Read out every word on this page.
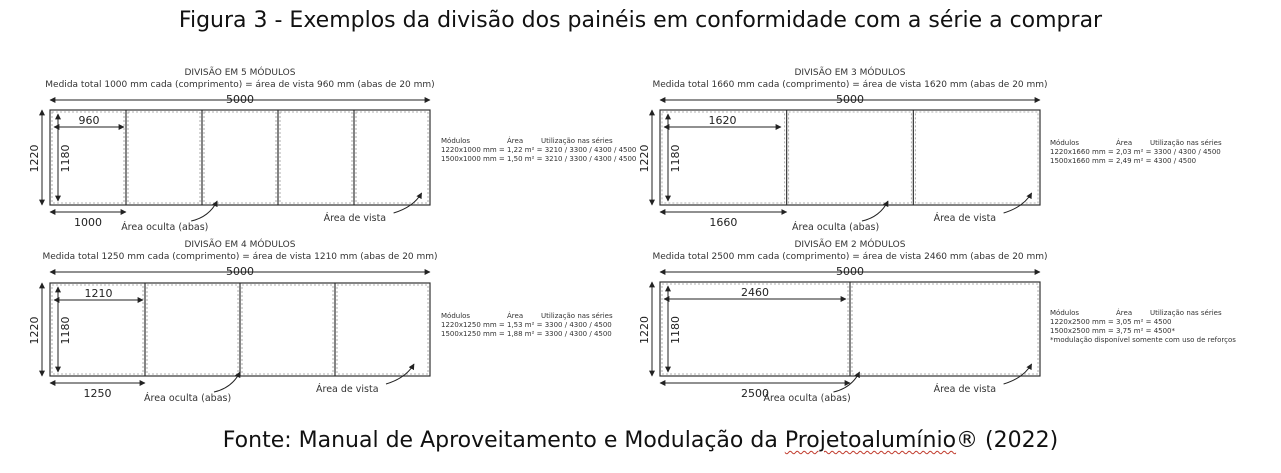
Figura 3 - Exemplos da divisão dos painéis em conformidade com a série a comprar
DIVISÃO EM 5 MÓDULOS
Medida total 1000 mm cada (comprimento) = área de vista 960 mm (abas de 20 mm)
5000
1220 1180
960
1000 Área oculta (abas)
Área de vista
Módulos	Área	Utilização nas séries
1220x1000 mm = 1,22 m² = 3210 / 3300 / 4300 / 4500
1500x1000 mm = 1,50 m² = 3210 / 3300 / 4300 / 4500
DIVISÃO EM 3 MÓDULOS
Medida total 1660 mm cada (comprimento) = área de vista 1620 mm (abas de 20 mm)
5000
1220 1180
1620
1660	Área oculta (abas)
Área de vista
Módulos	Área	Utilização nas séries
1220x1660 mm = 2,03 m² = 3300 / 4300 / 4500
1500x1660 mm = 2,49 m² = 4300 / 4500
DIVISÃO EM 4 MÓDULOS
Medida total 1250 mm cada (comprimento) = área de vista 1210 mm (abas de 20 mm)
5000
1220 1180
1210
1250	Área oculta (abas)
Área de vista
Módulos	Área	Utilização nas séries
1220x1250 mm = 1,53 m² = 3300 / 4300 / 4500
1500x1250 mm = 1,88 m² = 3300 / 4300 / 4500
DIVISÃO EM 2 MÓDULOS
Medida total 2500 mm cada (comprimento) = área de vista 2460 mm (abas de 20 mm)
5000
1220 1180
2460
2500
Área oculta (abas)
Área de vista
Módulos	Área	Utilização nas séries
1220x2500 mm = 3,05 m² = 4500
1500x2500 mm = 3,75 m² = 4500*
*modulação disponível somente com uso de reforços
Fonte: Manual de Aproveitamento e Modulação da Projetoalumínio® (2022)
